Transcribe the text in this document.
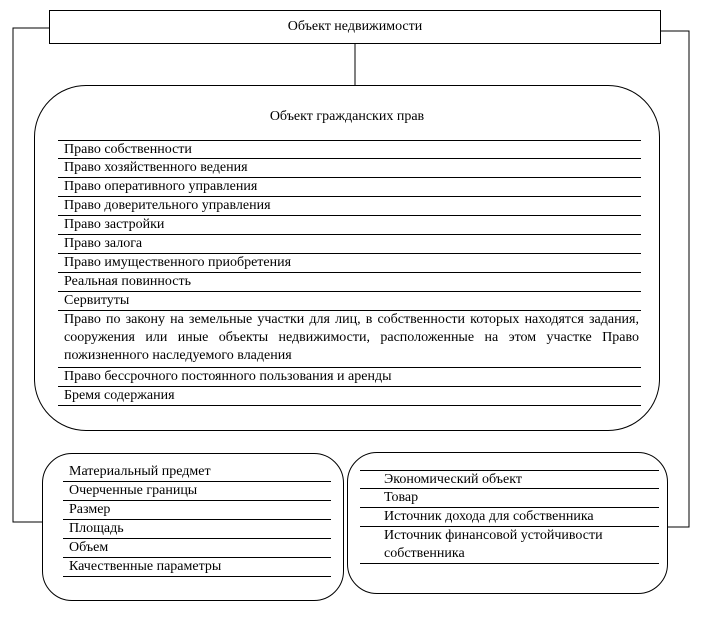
Объект недвижимости
Объект гражданских прав
Право собственности
Право хозяйственного ведения
Право оперативного управления
Право доверительного управления
Право застройки
Право залога
Право имущественного приобретения
Реальная повинность
Сервитуты
Право по закону на земельные участки для лиц, в собственности которых находятся задания, сооружения или иные объекты недвижимости, расположенные на этом участке Право пожизненного наследуемого владения
Право бессрочного постоянного пользования и аренды
Бремя содержания
Материальный предмет
Очерченные границы
Размер
Площадь
Объем
Качественные параметры
Экономический объект
Товар
Источник дохода для собственника
Источник финансовой устойчивости собственника
